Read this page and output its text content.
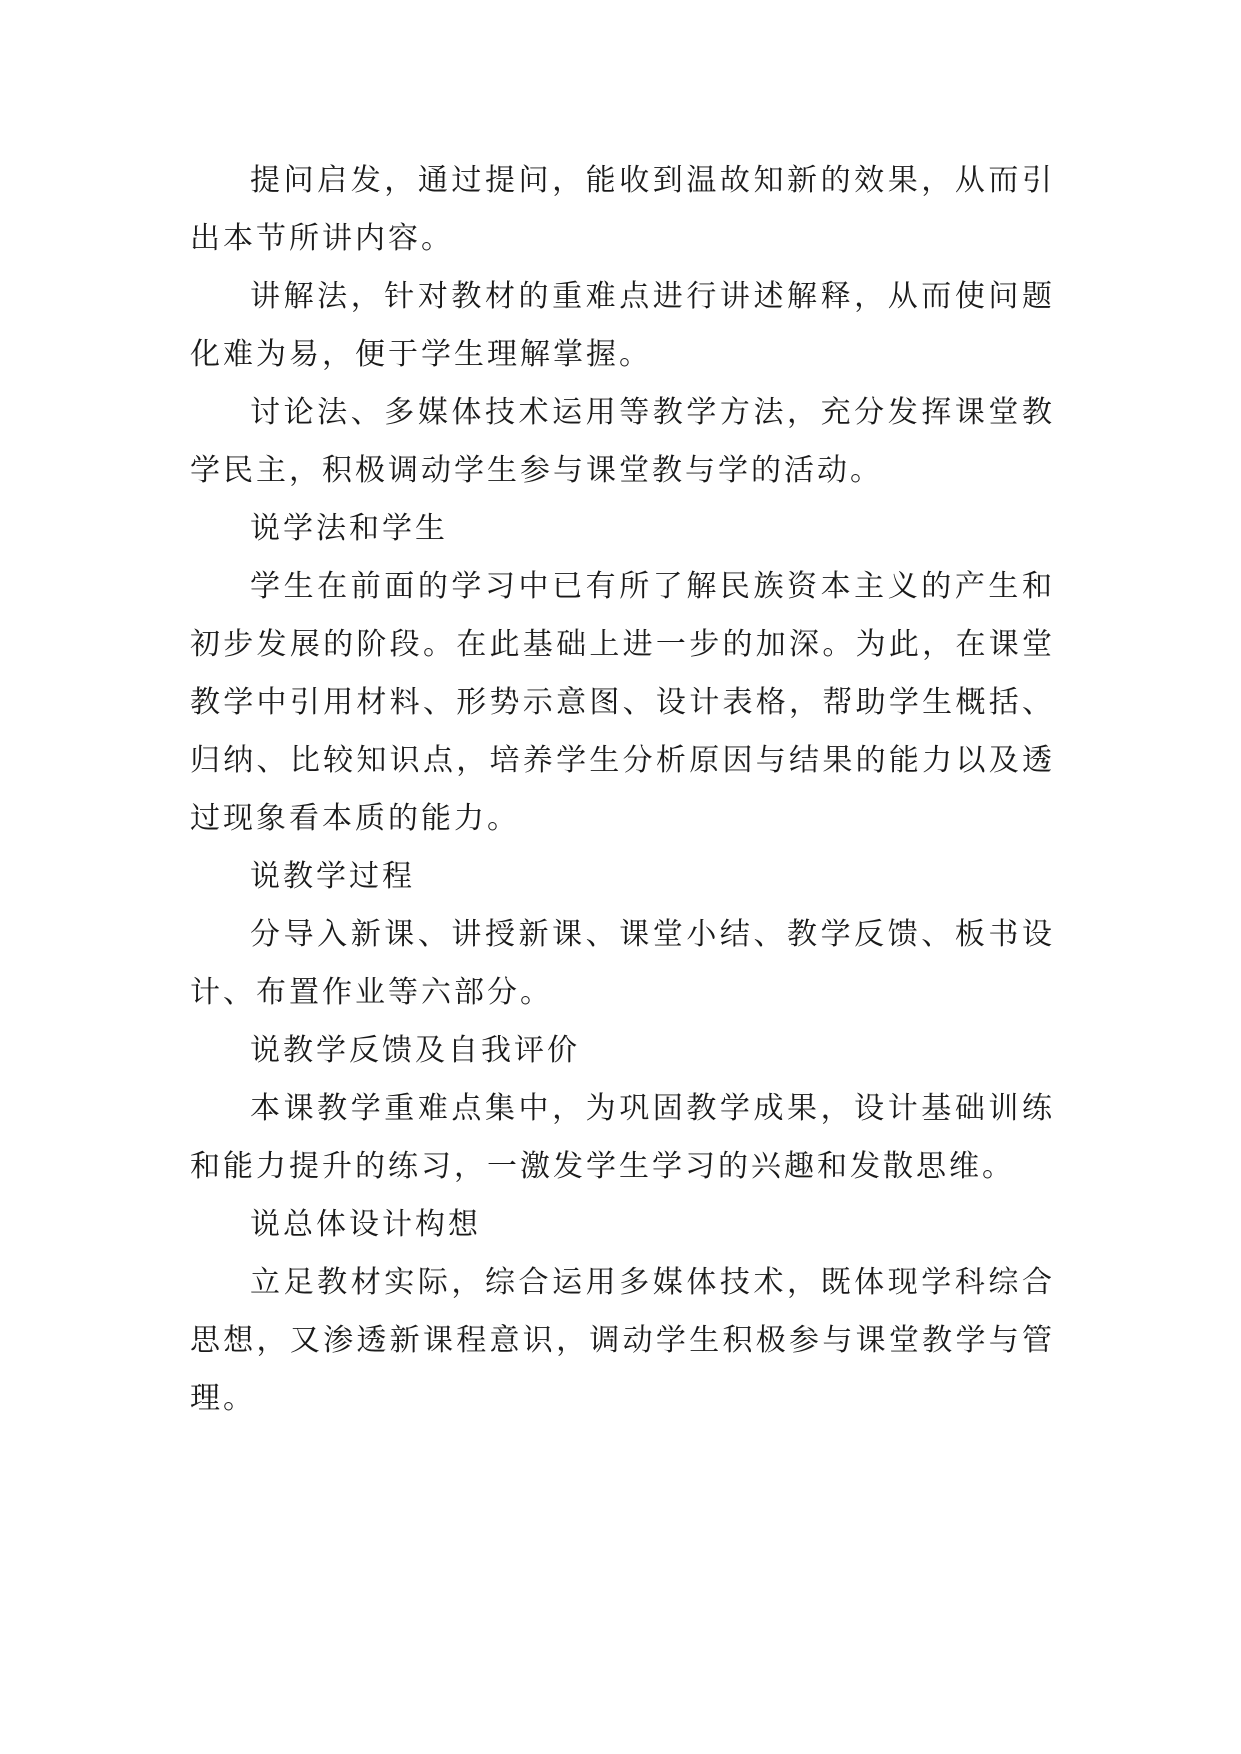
提问启发，通过提问，能收到温故知新的效果，从而引出本节所讲内容。

讲解法，针对教材的重难点进行讲述解释，从而使问题化难为易，便于学生理解掌握。

讨论法、多媒体技术运用等教学方法，充分发挥课堂教学民主，积极调动学生参与课堂教与学的活动。

说学法和学生

学生在前面的学习中已有所了解民族资本主义的产生和初步发展的阶段。在此基础上进一步的加深。为此，在课堂教学中引用材料、形势示意图、设计表格，帮助学生概括、归纳、比较知识点，培养学生分析原因与结果的能力以及透过现象看本质的能力。

说教学过程

分导入新课、讲授新课、课堂小结、教学反馈、板书设计、布置作业等六部分。

说教学反馈及自我评价

本课教学重难点集中，为巩固教学成果，设计基础训练和能力提升的练习，一激发学生学习的兴趣和发散思维。

说总体设计构想

立足教材实际，综合运用多媒体技术，既体现学科综合思想，又渗透新课程意识，调动学生积极参与课堂教学与管理。
